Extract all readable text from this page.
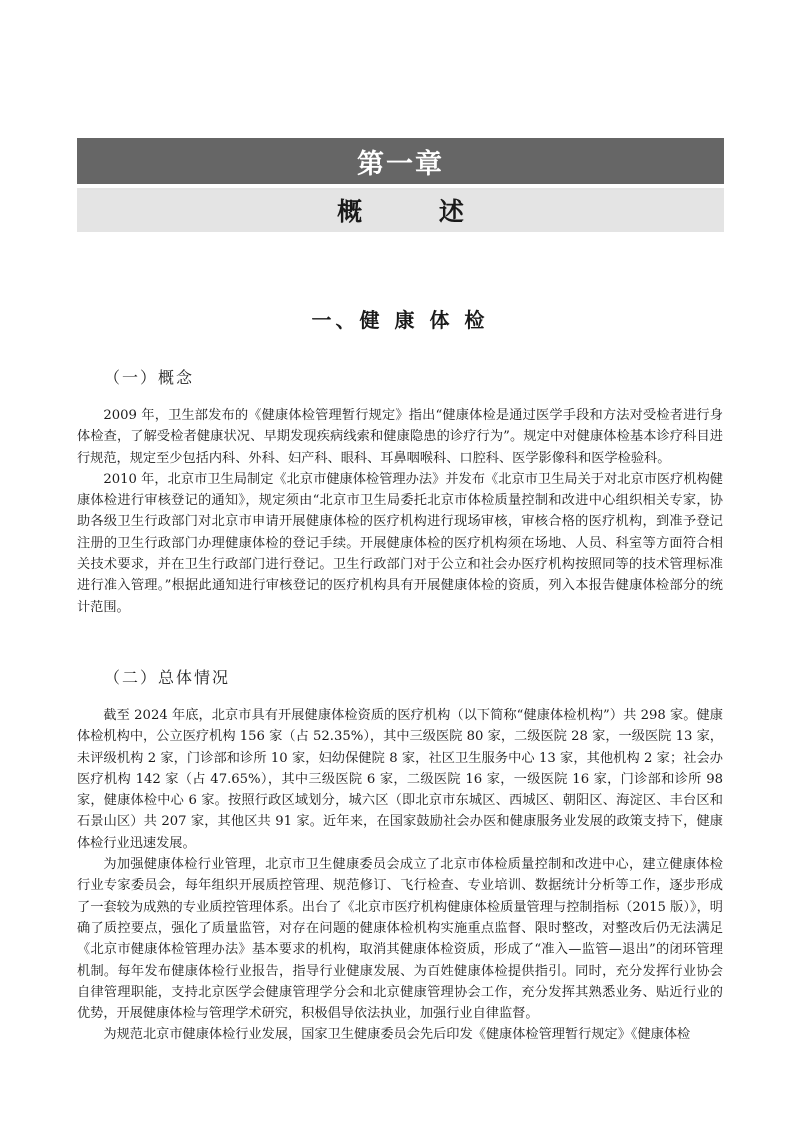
第一章
概 述
一、健 康 体 检
（一）概念

2009 年，卫生部发布的《健康体检管理暂行规定》指出“健康体检是通过医学手段和方法对受检者进行身体检查，了解受检者健康状况、早期发现疾病线索和健康隐患的诊疗行为”。规定中对健康体检基本诊疗科目进行规范，规定至少包括内科、外科、妇产科、眼科、耳鼻咽喉科、口腔科、医学影像科和医学检验科。

2010 年，北京市卫生局制定《北京市健康体检管理办法》并发布《北京市卫生局关于对北京市医疗机构健康体检进行审核登记的通知》，规定须由“北京市卫生局委托北京市体检质量控制和改进中心组织相关专家，协助各级卫生行政部门对北京市申请开展健康体检的医疗机构进行现场审核，审核合格的医疗机构，到准予登记注册的卫生行政部门办理健康体检的登记手续。开展健康体检的医疗机构须在场地、人员、科室等方面符合相关技术要求，并在卫生行政部门进行登记。卫生行政部门对于公立和社会办医疗机构按照同等的技术管理标准进行准入管理。”根据此通知进行审核登记的医疗机构具有开展健康体检的资质，列入本报告健康体检部分的统计范围。

（二）总体情况

截至 2024 年底，北京市具有开展健康体检资质的医疗机构（以下简称“健康体检机构”）共 298 家。健康体检机构中，公立医疗机构 156 家（占 52.35%），其中三级医院 80 家，二级医院 28 家，一级医院 13 家，未评级机构 2 家，门诊部和诊所 10 家，妇幼保健院 8 家，社区卫生服务中心 13 家，其他机构 2 家；社会办医疗机构 142 家（占 47.65%），其中三级医院 6 家，二级医院 16 家，一级医院 16 家，门诊部和诊所 98 家，健康体检中心 6 家。按照行政区域划分，城六区（即北京市东城区、西城区、朝阳区、海淀区、丰台区和石景山区）共 207 家，其他区共 91 家。近年来，在国家鼓励社会办医和健康服务业发展的政策支持下，健康体检行业迅速发展。

为加强健康体检行业管理，北京市卫生健康委员会成立了北京市体检质量控制和改进中心，建立健康体检行业专家委员会，每年组织开展质控管理、规范修订、飞行检查、专业培训、数据统计分析等工作，逐步形成了一套较为成熟的专业质控管理体系。出台了《北京市医疗机构健康体检质量管理与控制指标（2015 版）》，明确了质控要点，强化了质量监管，对存在问题的健康体检机构实施重点监督、限时整改，对整改后仍无法满足《北京市健康体检管理办法》基本要求的机构，取消其健康体检资质，形成了“准入—监管—退出”的闭环管理机制。每年发布健康体检行业报告，指导行业健康发展、为百姓健康体检提供指引。同时，充分发挥行业协会自律管理职能，支持北京医学会健康管理学分会和北京健康管理协会工作，充分发挥其熟悉业务、贴近行业的优势，开展健康体检与管理学术研究，积极倡导依法执业，加强行业自律监督。

为规范北京市健康体检行业发展，国家卫生健康委员会先后印发《健康体检管理暂行规定》《健康体检
